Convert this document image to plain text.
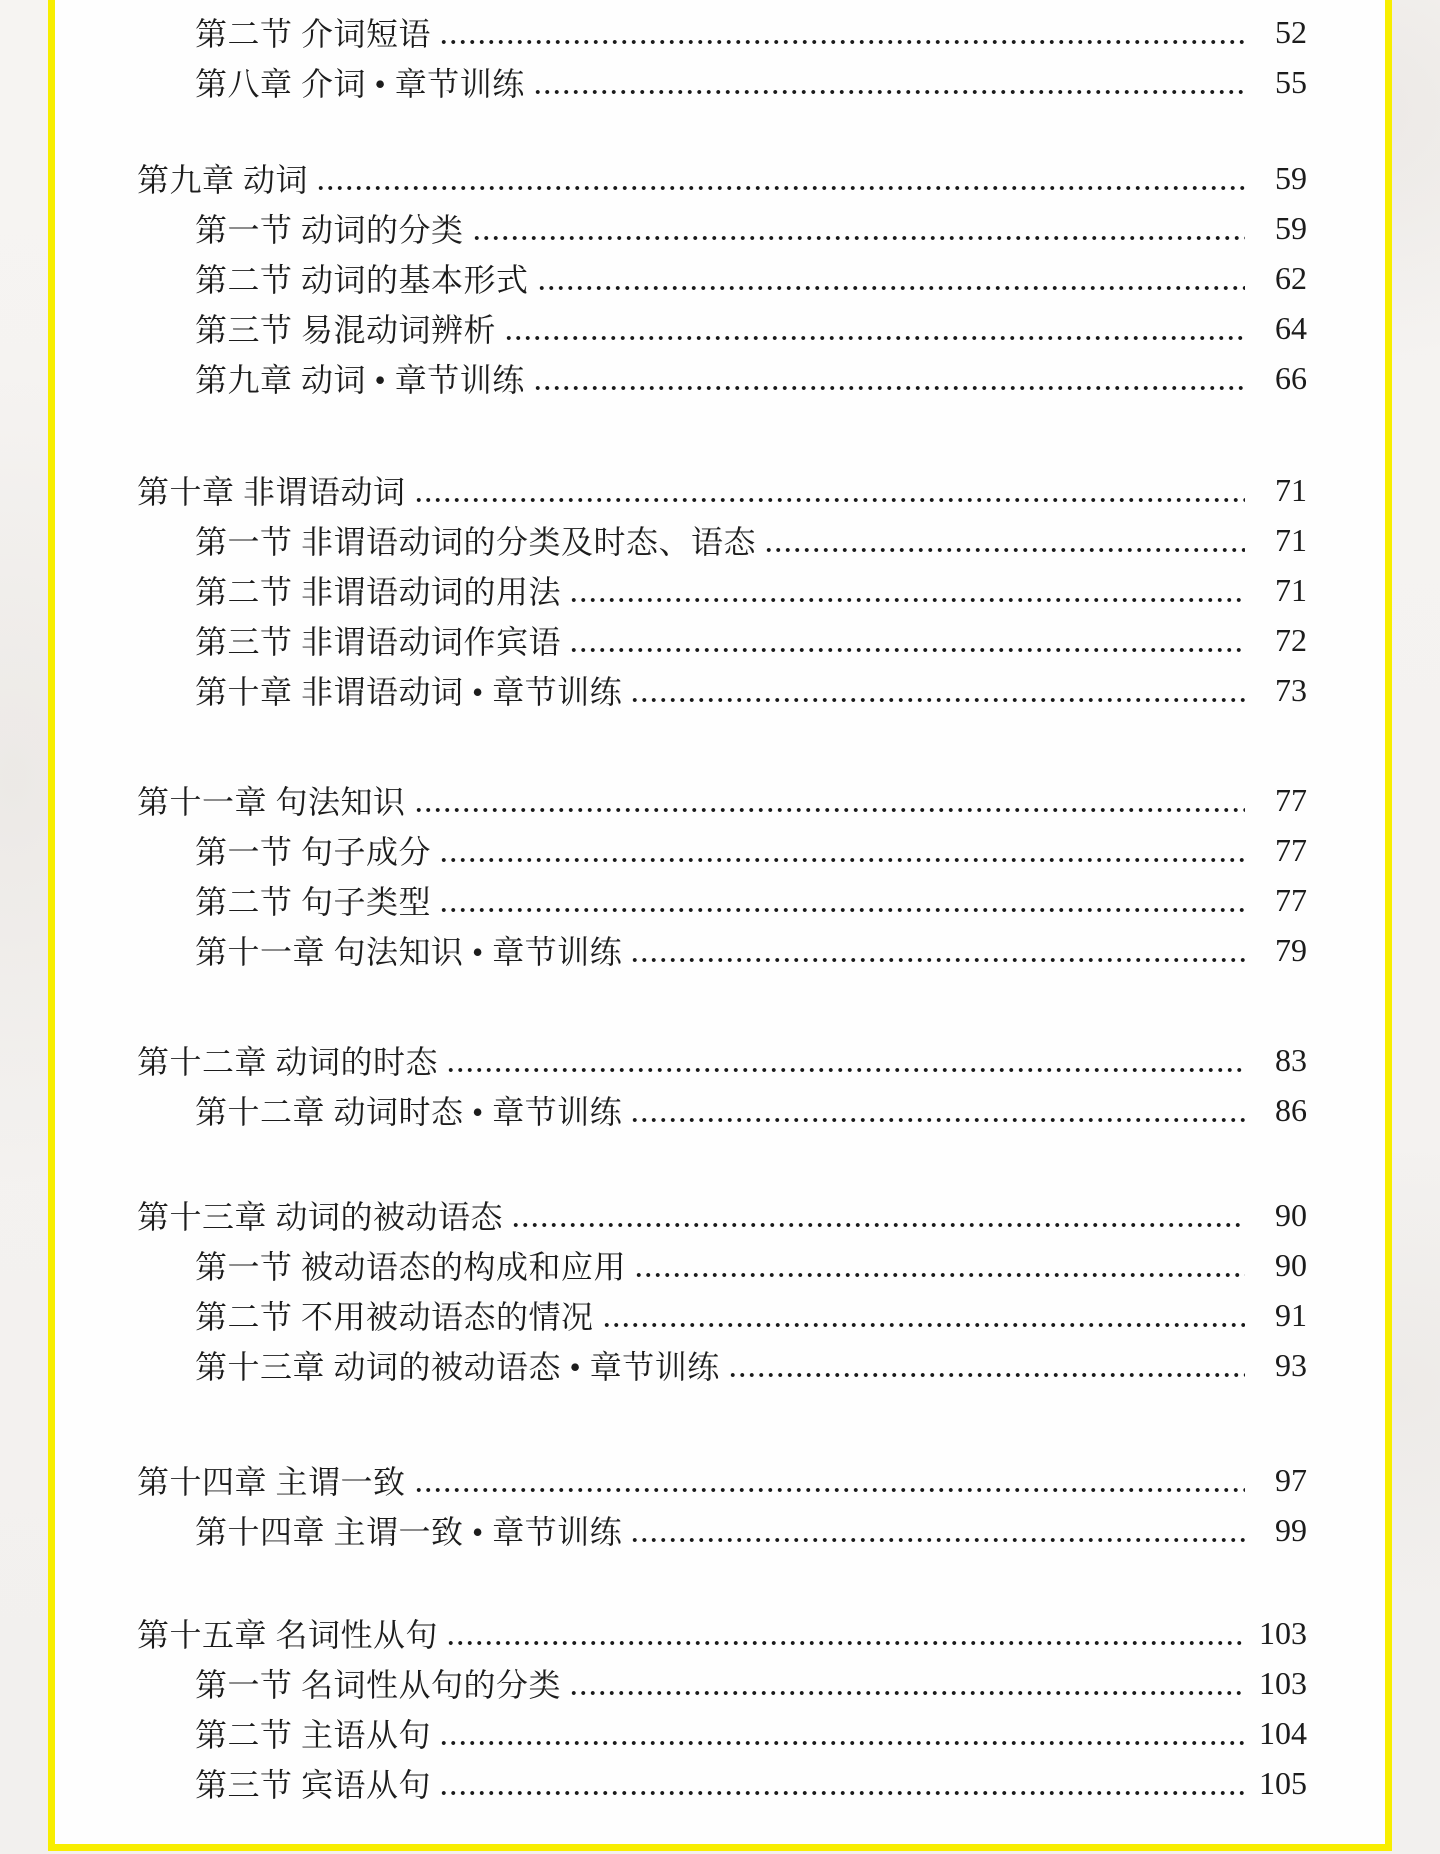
第二节 介词短语	52
第八章 介词 • 章节训练	55
第九章 动词	59
第一节 动词的分类	59
第二节 动词的基本形式	62
第三节 易混动词辨析	64
第九章 动词 • 章节训练	66
第十章 非谓语动词	71
第一节 非谓语动词的分类及时态、语态	71
第二节 非谓语动词的用法	71
第三节 非谓语动词作宾语	72
第十章 非谓语动词 • 章节训练	73
第十一章 句法知识	77
第一节 句子成分	77
第二节 句子类型	77
第十一章 句法知识 • 章节训练	79
第十二章 动词的时态	83
第十二章 动词时态 • 章节训练	86
第十三章 动词的被动语态	90
第一节 被动语态的构成和应用	90
第二节 不用被动语态的情况	91
第十三章 动词的被动语态 • 章节训练	93
第十四章 主谓一致	97
第十四章 主谓一致 • 章节训练	99
第十五章 名词性从句	103
第一节 名词性从句的分类	103
第二节 主语从句	104
第三节 宾语从句	105
